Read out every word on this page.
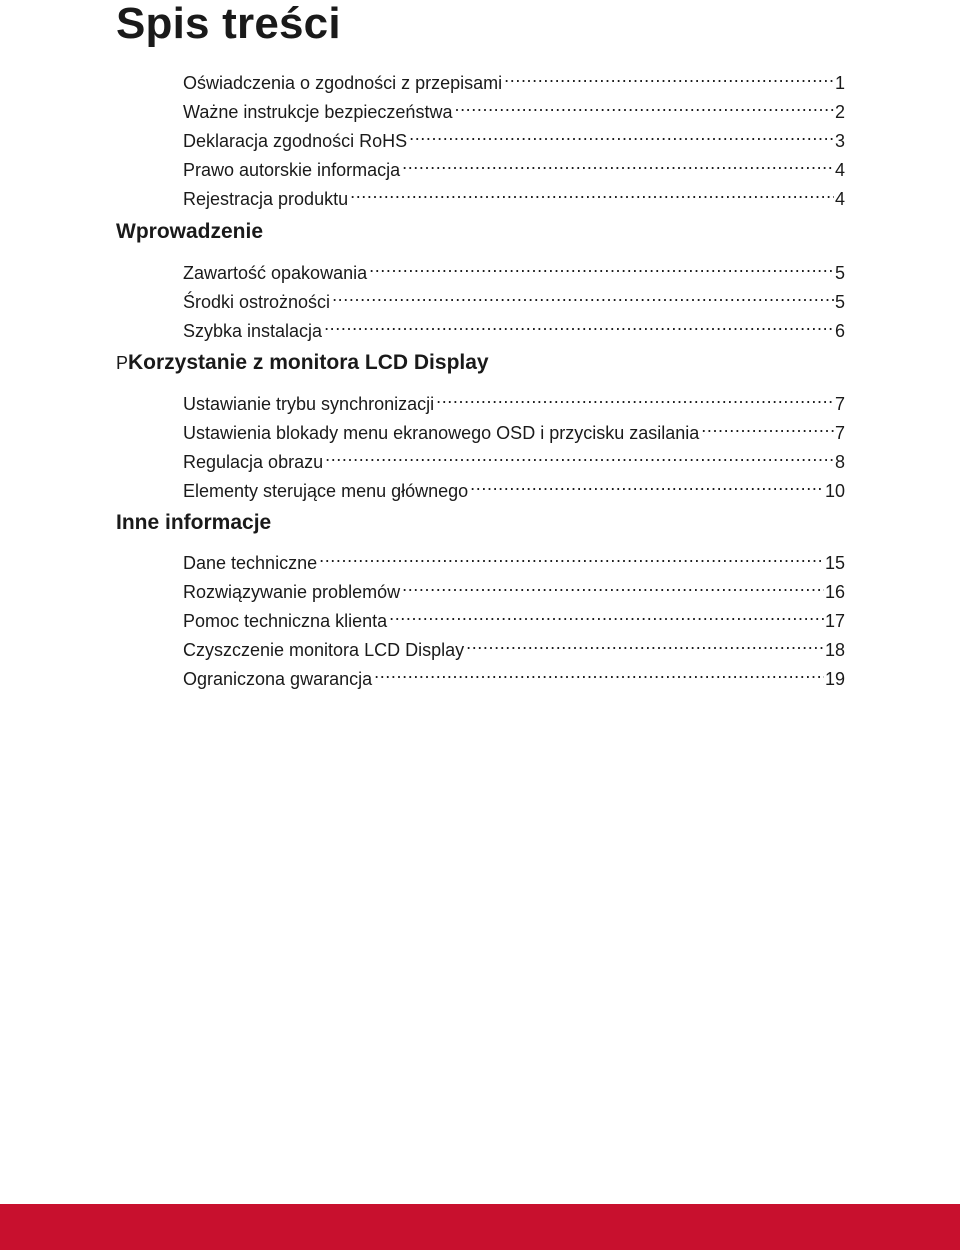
Spis treści
Oświadczenia o zgodności z przepisami .....	1
Ważne instrukcje bezpieczeństwa .....	2
Deklaracja zgodności RoHS .....	3
Prawo autorskie informacja .....	4
Rejestracja produktu .....	4
Wprowadzenie
Zawartość opakowania .....	5
Środki ostrożności .....	5
Szybka instalacja .....	6
PKorzystanie z monitora LCD Display
Ustawianie trybu synchronizacji .....	7
Ustawienia blokady menu ekranowego OSD i przycisku zasilania .....	7
Regulacja obrazu .....	8
Elementy sterujące menu głównego .....	10
Inne informacje
Dane techniczne .....	15
Rozwiązywanie problemów .....	16
Pomoc techniczna klienta .....	17
Czyszczenie monitora LCD Display .....	18
Ograniczona gwarancja .....	19
